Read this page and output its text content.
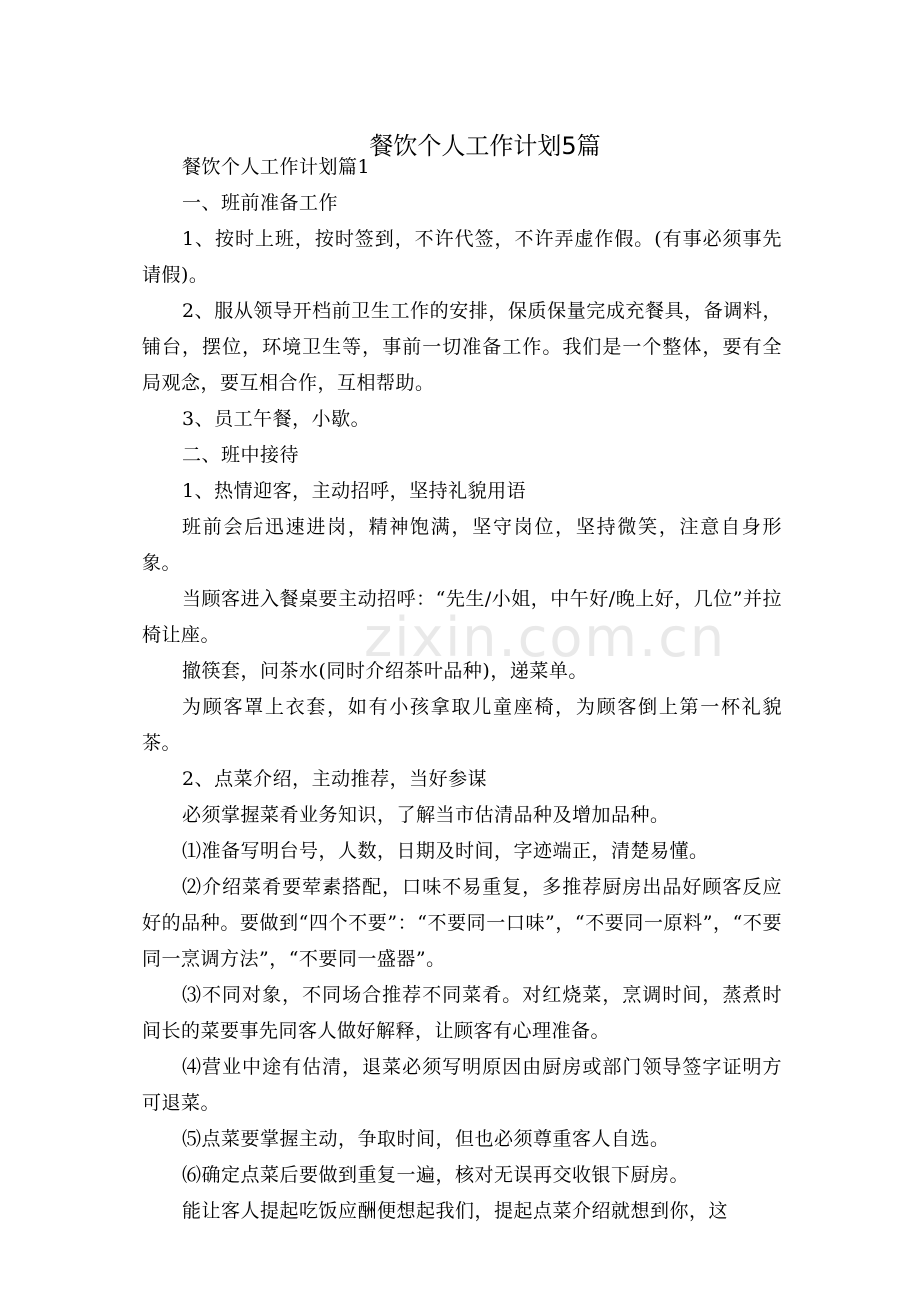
zixin.com.cn
餐饮个人工作计划5篇

餐饮个人工作计划篇1

一、班前准备工作

1、按时上班，按时签到，不许代签，不许弄虚作假。(有事必须事先请假)。

2、服从领导开档前卫生工作的安排，保质保量完成充餐具，备调料，铺台，摆位，环境卫生等，事前一切准备工作。我们是一个整体，要有全局观念，要互相合作，互相帮助。

3、员工午餐，小歇。

二、班中接待

1、热情迎客，主动招呼，坚持礼貌用语

班前会后迅速进岗，精神饱满，坚守岗位，坚持微笑，注意自身形象。

当顾客进入餐桌要主动招呼：“先生/小姐，中午好/晚上好，几位”并拉椅让座。

撤筷套，问茶水(同时介绍茶叶品种)，递菜单。

为顾客罩上衣套，如有小孩拿取儿童座椅，为顾客倒上第一杯礼貌茶。

2、点菜介绍，主动推荐，当好参谋

必须掌握菜肴业务知识，了解当市估清品种及增加品种。

⑴准备写明台号，人数，日期及时间，字迹端正，清楚易懂。

⑵介绍菜肴要荤素搭配，口味不易重复，多推荐厨房出品好顾客反应好的品种。要做到“四个不要”：“不要同一口味”，“不要同一原料”，“不要同一烹调方法”，“不要同一盛器”。

⑶不同对象，不同场合推荐不同菜肴。对红烧菜，烹调时间，蒸煮时间长的菜要事先同客人做好解释，让顾客有心理准备。

⑷营业中途有估清，退菜必须写明原因由厨房或部门领导签字证明方可退菜。

⑸点菜要掌握主动，争取时间，但也必须尊重客人自选。

⑹确定点菜后要做到重复一遍，核对无误再交收银下厨房。

能让客人提起吃饭应酬便想起我们，提起点菜介绍就想到你，这
